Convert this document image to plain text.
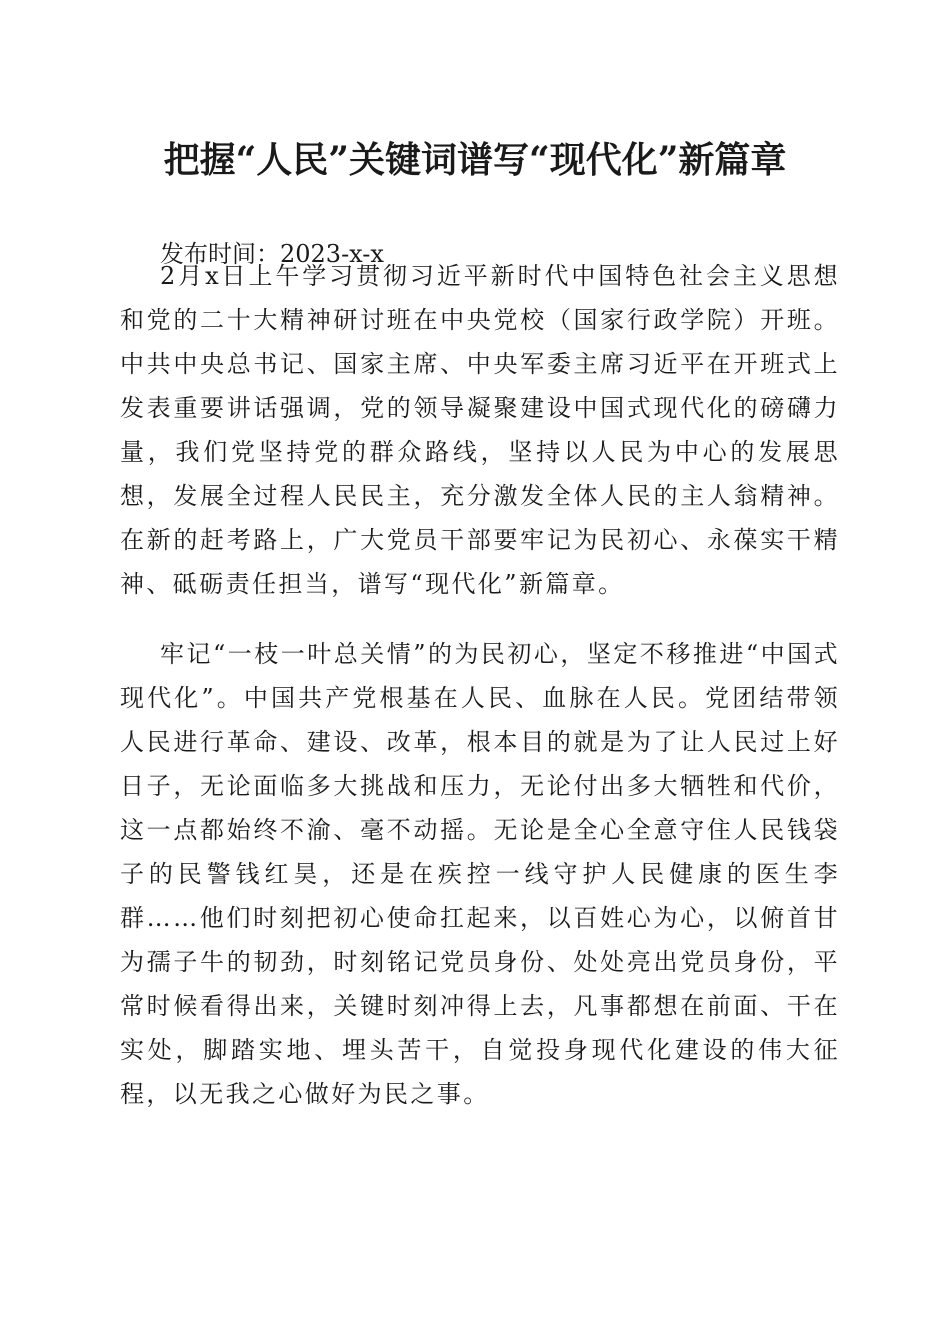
把握“人民”关键词谱写“现代化”新篇章

发布时间：2023-x-x

2月x日上午学习贯彻习近平新时代中国特色社会主义思想和党的二十大精神研讨班在中央党校（国家行政学院）开班。中共中央总书记、国家主席、中央军委主席习近平在开班式上发表重要讲话强调，党的领导凝聚建设中国式现代化的磅礴力量，我们党坚持党的群众路线，坚持以人民为中心的发展思想，发展全过程人民民主，充分激发全体人民的主人翁精神。在新的赶考路上，广大党员干部要牢记为民初心、永葆实干精神、砥砺责任担当，谱写“现代化”新篇章。

牢记“一枝一叶总关情”的为民初心，坚定不移推进“中国式现代化”。中国共产党根基在人民、血脉在人民。党团结带领人民进行革命、建设、改革，根本目的就是为了让人民过上好日子，无论面临多大挑战和压力，无论付出多大牺牲和代价，这一点都始终不渝、毫不动摇。无论是全心全意守住人民钱袋子的民警钱红昊，还是在疾控一线守护人民健康的医生李群……他们时刻把初心使命扛起来，以百姓心为心，以俯首甘为孺子牛的韧劲，时刻铭记党员身份、处处亮出党员身份，平常时候看得出来，关键时刻冲得上去，凡事都想在前面、干在实处，脚踏实地、埋头苦干，自觉投身现代化建设的伟大征程，以无我之心做好为民之事。
